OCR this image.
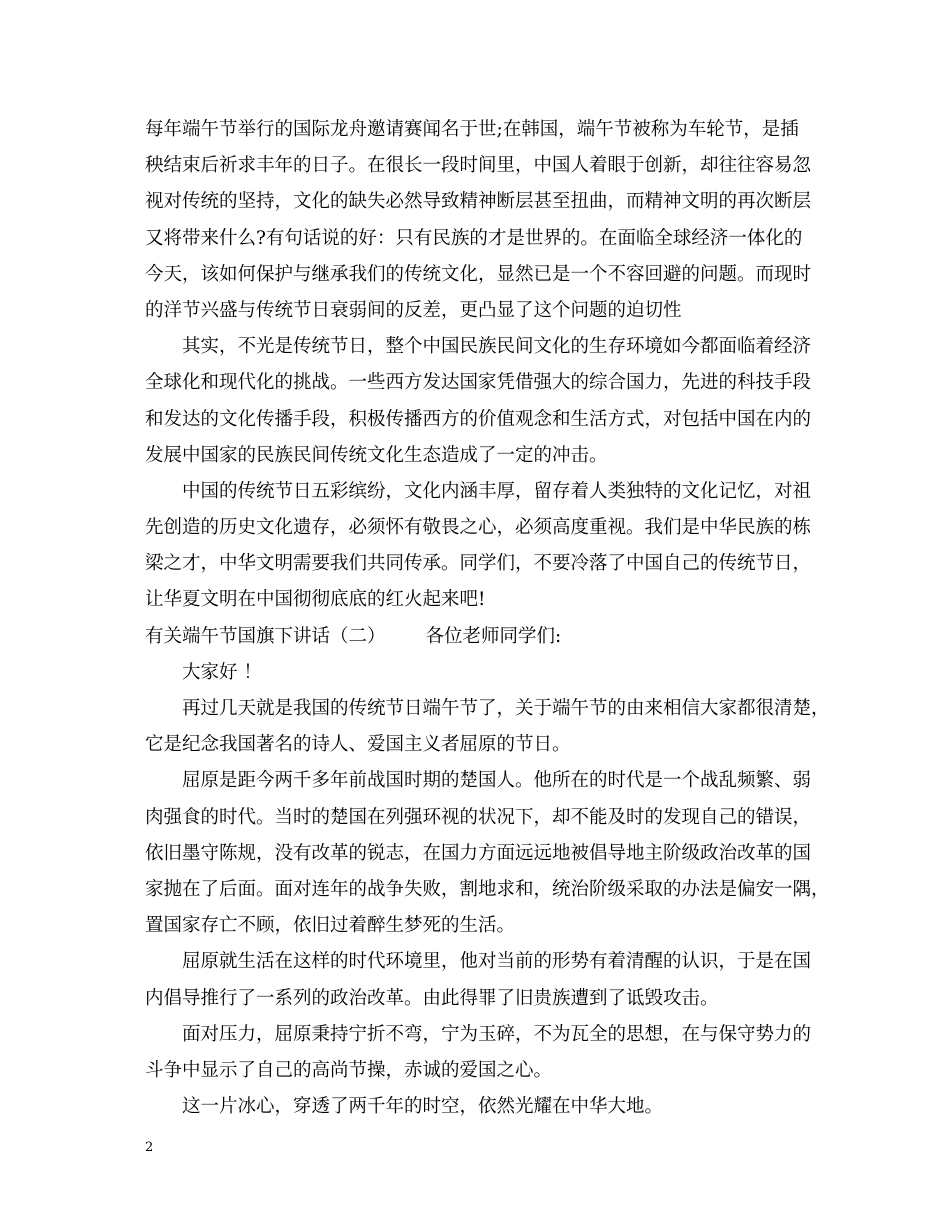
每年端午节举行的国际龙舟邀请赛闻名于世;在韩国，端午节被称为车轮节，是插
秧结束后祈求丰年的日子。在很长一段时间里，中国人着眼于创新，却往往容易忽
视对传统的坚持，文化的缺失必然导致精神断层甚至扭曲，而精神文明的再次断层
又将带来什么?有句话说的好：只有民族的才是世界的。在面临全球经济一体化的
今天，该如何保护与继承我们的传统文化，显然已是一个不容回避的问题。而现时
的洋节兴盛与传统节日衰弱间的反差，更凸显了这个问题的迫切性
其实，不光是传统节日，整个中国民族民间文化的生存环境如今都面临着经济
全球化和现代化的挑战。一些西方发达国家凭借强大的综合国力，先进的科技手段
和发达的文化传播手段，积极传播西方的价值观念和生活方式，对包括中国在内的
发展中国家的民族民间传统文化生态造成了一定的冲击。
中国的传统节日五彩缤纷，文化内涵丰厚，留存着人类独特的文化记忆，对祖
先创造的历史文化遗存，必须怀有敬畏之心，必须高度重视。我们是中华民族的栋
梁之才，中华文明需要我们共同传承。同学们，不要冷落了中国自己的传统节日，
让华夏文明在中国彻彻底底的红火起来吧!
有关端午节国旗下讲话（二） 各位老师同学们:
大家好 ！
再过几天就是我国的传统节日端午节了，关于端午节的由来相信大家都很清楚，
它是纪念我国著名的诗人、爱国主义者屈原的节日。
屈原是距今两千多年前战国时期的楚国人。他所在的时代是一个战乱频繁、弱
肉强食的时代。当时的楚国在列强环视的状况下，却不能及时的发现自己的错误，
依旧墨守陈规，没有改革的锐志，在国力方面远远地被倡导地主阶级政治改革的国
家抛在了后面。面对连年的战争失败，割地求和，统治阶级采取的办法是偏安一隅，
置国家存亡不顾，依旧过着醉生梦死的生活。
屈原就生活在这样的时代环境里，他对当前的形势有着清醒的认识，于是在国
内倡导推行了一系列的政治改革。由此得罪了旧贵族遭到了诋毁攻击。
面对压力，屈原秉持宁折不弯，宁为玉碎，不为瓦全的思想，在与保守势力的
斗争中显示了自己的高尚节操，赤诚的爱国之心。
这一片冰心，穿透了两千年的时空，依然光耀在中华大地。
2
